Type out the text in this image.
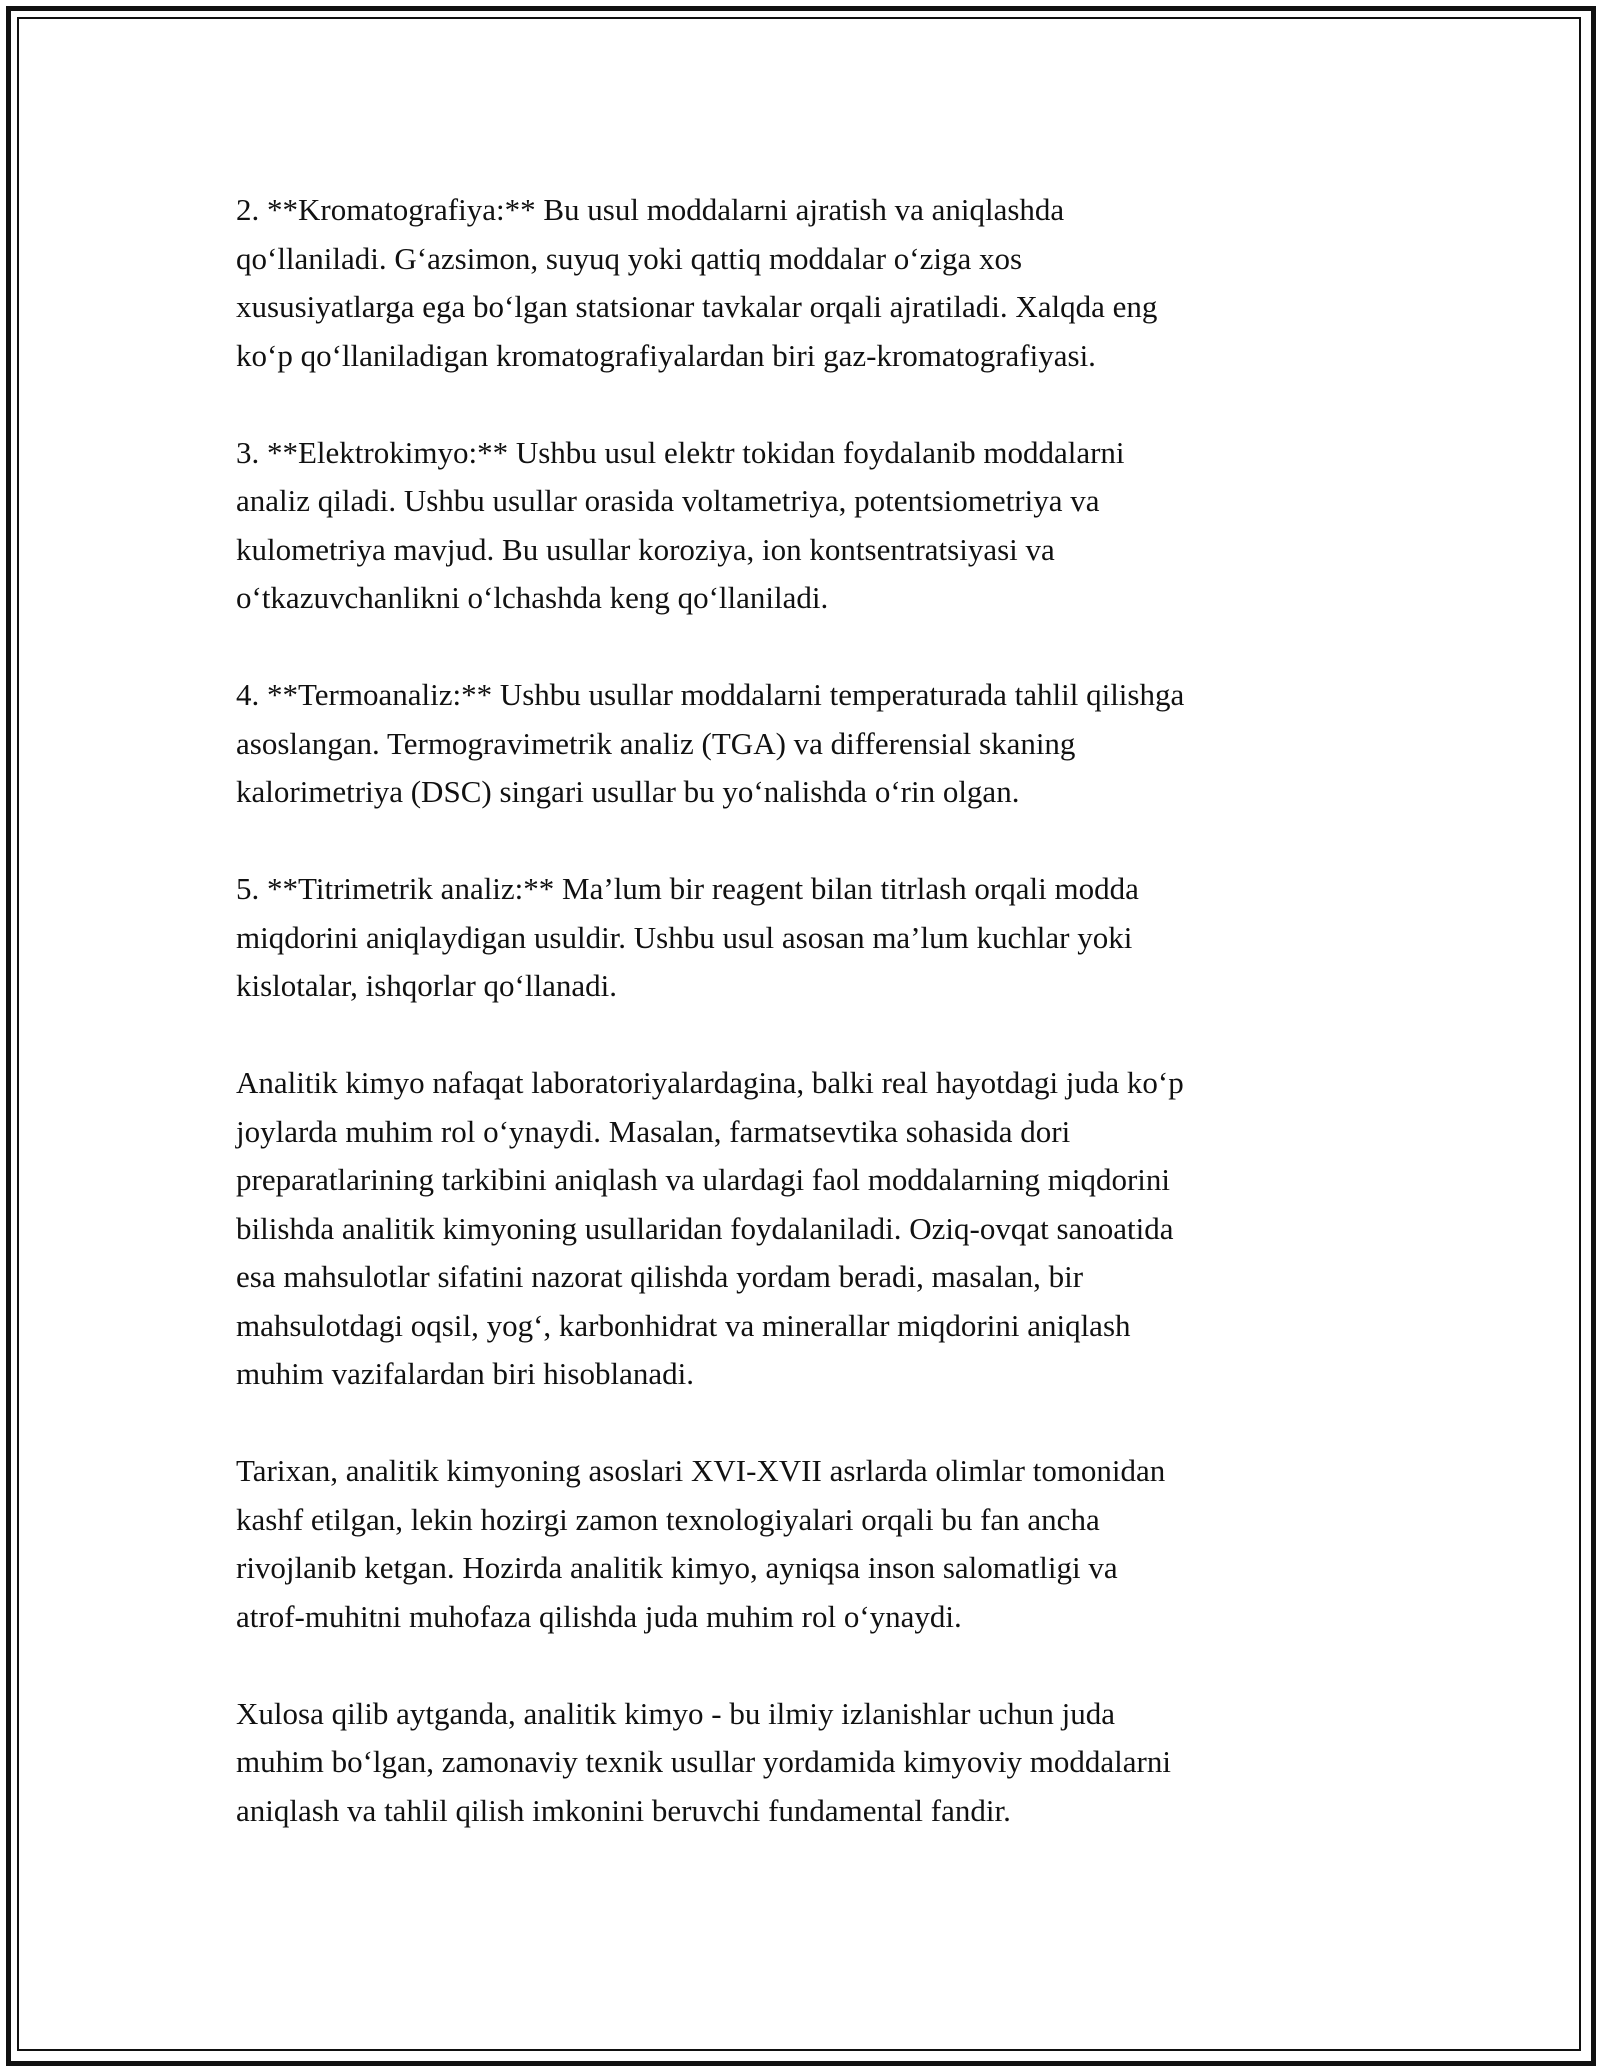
2. **Kromatografiya:** Bu usul moddalarni ajratish va aniqlashda
qo‘llaniladi. G‘azsimon, suyuq yoki qattiq moddalar o‘ziga xos
xususiyatlarga ega bo‘lgan statsionar tavkalar orqali ajratiladi. Xalqda eng
ko‘p qo‘llaniladigan kromatografiyalardan biri gaz-kromatografiyasi.

3. **Elektrokimyo:** Ushbu usul elektr tokidan foydalanib moddalarni
analiz qiladi. Ushbu usullar orasida voltametriya, potentsiometriya va
kulometriya mavjud. Bu usullar koroziya, ion kontsentratsiyasi va
o‘tkazuvchanlikni o‘lchashda keng qo‘llaniladi.

4. **Termoanaliz:** Ushbu usullar moddalarni temperaturada tahlil qilishga
asoslangan. Termogravimetrik analiz (TGA) va differensial skaning
kalorimetriya (DSC) singari usullar bu yo‘nalishda o‘rin olgan.

5. **Titrimetrik analiz:** Ma’lum bir reagent bilan titrlash orqali modda
miqdorini aniqlaydigan usuldir. Ushbu usul asosan ma’lum kuchlar yoki
kislotalar, ishqorlar qo‘llanadi.

Analitik kimyo nafaqat laboratoriyalardagina, balki real hayotdagi juda ko‘p
joylarda muhim rol o‘ynaydi. Masalan, farmatsevtika sohasida dori
preparatlarining tarkibini aniqlash va ulardagi faol moddalarning miqdorini
bilishda analitik kimyoning usullaridan foydalaniladi. Oziq-ovqat sanoatida
esa mahsulotlar sifatini nazorat qilishda yordam beradi, masalan, bir
mahsulotdagi oqsil, yog‘, karbonhidrat va minerallar miqdorini aniqlash
muhim vazifalardan biri hisoblanadi.

Tarixan, analitik kimyoning asoslari XVI-XVII asrlarda olimlar tomonidan
kashf etilgan, lekin hozirgi zamon texnologiyalari orqali bu fan ancha
rivojlanib ketgan. Hozirda analitik kimyo, ayniqsa inson salomatligi va
atrof-muhitni muhofaza qilishda juda muhim rol o‘ynaydi.

Xulosa qilib aytganda, analitik kimyo - bu ilmiy izlanishlar uchun juda
muhim bo‘lgan, zamonaviy texnik usullar yordamida kimyoviy moddalarni
aniqlash va tahlil qilish imkonini beruvchi fundamental fandir.
